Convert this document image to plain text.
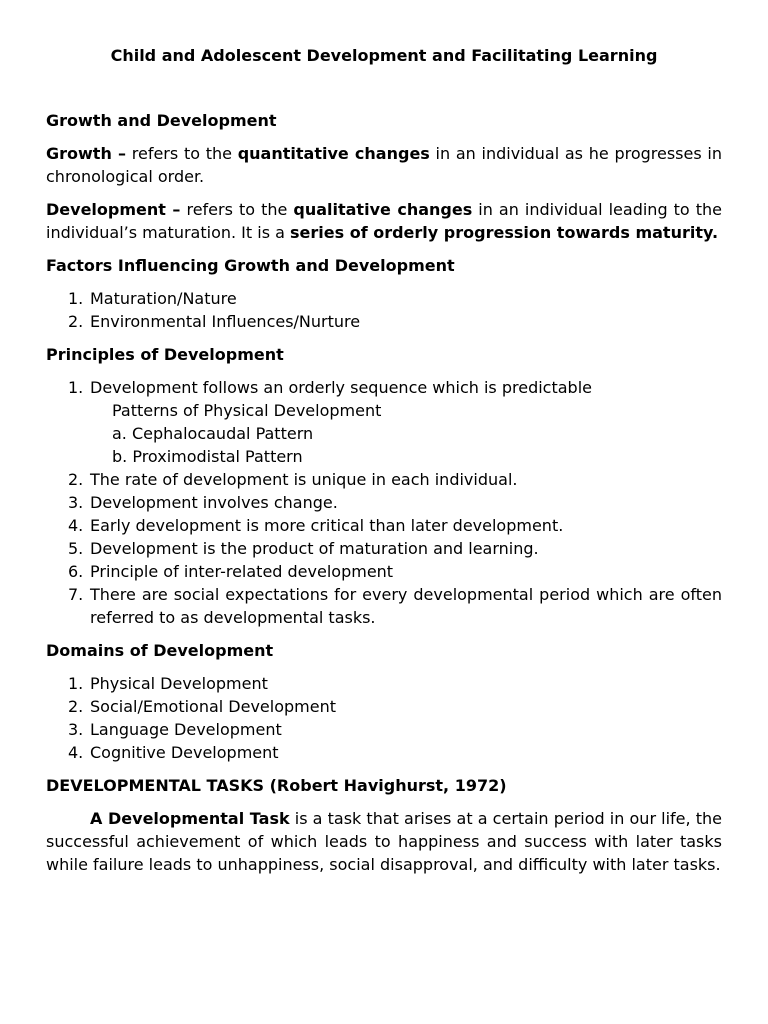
Child and Adolescent Development and Facilitating Learning
Growth and Development

Growth – refers to the quantitative changes in an individual as he progresses in chronological order.

Development – refers to the qualitative changes in an individual leading to the individual’s maturation. It is a series of orderly progression towards maturity.

Factors Influencing Growth and Development
1. Maturation/Nature
2. Environmental Influences/Nurture
Principles of Development
1. Development follows an orderly sequence which is predictable
Patterns of Physical Development
a. Cephalocaudal Pattern
b. Proximodistal Pattern
2. The rate of development is unique in each individual.
3. Development involves change.
4. Early development is more critical than later development.
5. Development is the product of maturation and learning.
6. Principle of inter-related development
7. There are social expectations for every developmental period which are often referred to as developmental tasks.
Domains of Development
1. Physical Development
2. Social/Emotional Development
3. Language Development
4. Cognitive Development
DEVELOPMENTAL TASKS (Robert Havighurst, 1972)

A Developmental Task is a task that arises at a certain period in our life, the successful achievement of which leads to happiness and success with later tasks while failure leads to unhappiness, social disapproval, and difficulty with later tasks.
